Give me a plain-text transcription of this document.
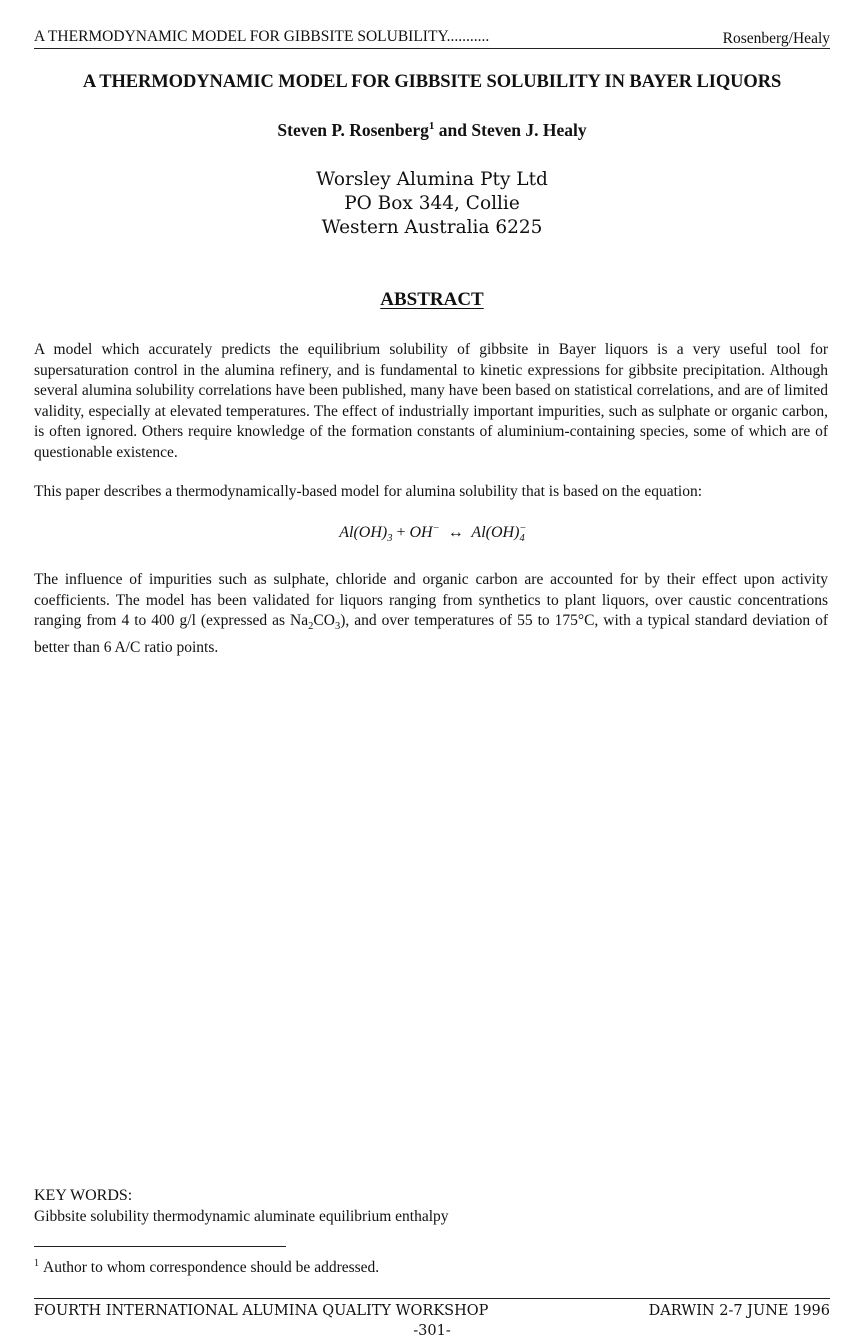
A THERMODYNAMIC MODEL FOR GIBBSITE SOLUBILITY...........	Rosenberg/Healy
A THERMODYNAMIC MODEL FOR GIBBSITE SOLUBILITY IN BAYER LIQUORS
Steven P. Rosenberg$^1$ and Steven J. Healy
Worsley Alumina Pty Ltd
PO Box 344, Collie
Western Australia 6225
ABSTRACT

A model which accurately predicts the equilibrium solubility of gibbsite in Bayer liquors is a very useful tool for supersaturation control in the alumina refinery, and is fundamental to kinetic expressions for gibbsite precipitation. Although several alumina solubility correlations have been published, many have been based on statistical correlations, and are of limited validity, especially at elevated temperatures. The effect of industrially important impurities, such as sulphate or organic carbon, is often ignored. Others require knowledge of the formation constants of aluminium-containing species, some of which are of questionable existence.

This paper describes a thermodynamically-based model for alumina solubility that is based on the equation:

$Al(OH)_3 + OH^-$ ↔ $Al(OH)^-_4$

The influence of impurities such as sulphate, chloride and organic carbon are accounted for by their effect upon activity coefficients. The model has been validated for liquors ranging from synthetics to plant liquors, over caustic concentrations ranging from 4 to 400 g/l (expressed as $Na_2CO_3$), and over temperatures of 55 to 175°C, with a typical standard deviation of better than 6 A/C ratio points.

KEY WORDS:
Gibbsite solubility thermodynamic aluminate equilibrium enthalpy
$^1$ Author to whom correspondence should be addressed.
FOURTH INTERNATIONAL ALUMINA QUALITY WORKSHOP	DARWIN 2-7 JUNE 1996
-301-
